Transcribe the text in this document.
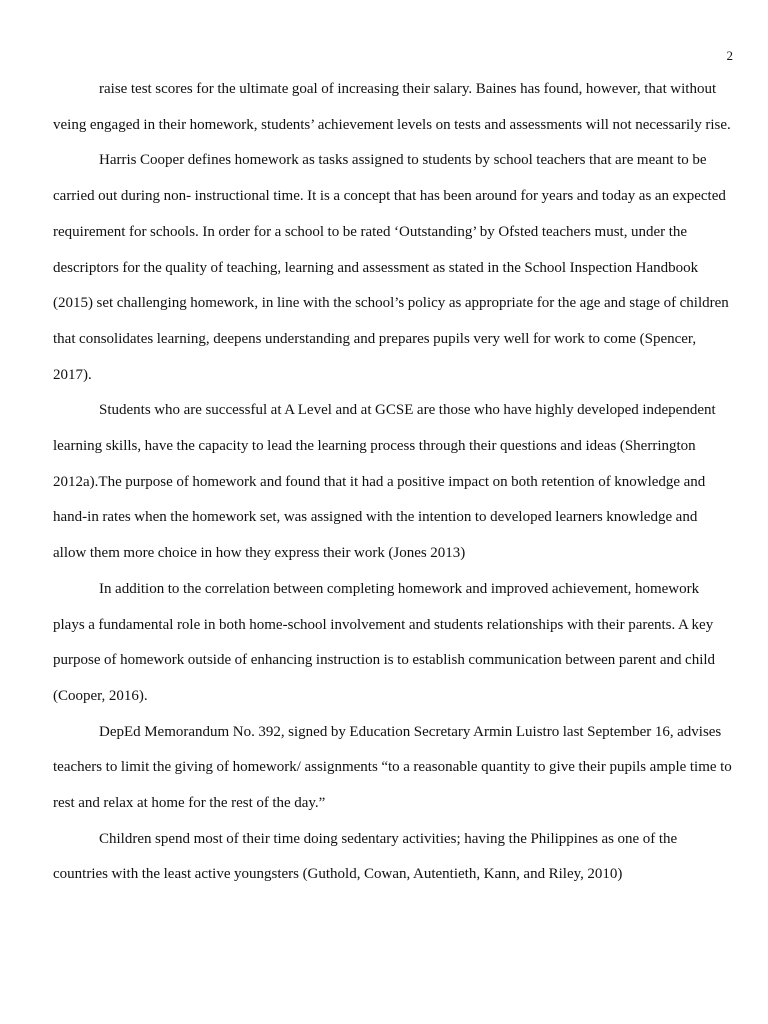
2

raise test scores for the ultimate goal of increasing their salary. Baines has found, however, that without veing engaged in their homework, students’ achievement levels on tests and assessments will not necessarily rise.

Harris Cooper defines homework as tasks assigned to students by school teachers that are meant to be carried out during non- instructional time. It is a concept that has been around for years and today as an expected requirement for schools. In order for a school to be rated ‘Outstanding’ by Ofsted teachers must, under the descriptors for the quality of teaching, learning and assessment as stated in the School Inspection Handbook (2015) set challenging homework, in line with the school’s policy as appropriate for the age and stage of children that consolidates learning, deepens understanding and prepares pupils very well for work to come (Spencer, 2017).

Students who are successful at A Level and at GCSE are those who have highly developed independent learning skills, have the capacity to lead the learning process through their questions and ideas (Sherrington 2012a).The purpose of homework and found that it had a positive impact on both retention of knowledge and hand-in rates when the homework set, was assigned with the intention to developed learners knowledge and allow them more choice in how they express their work (Jones 2013)

In addition to the correlation between completing homework and improved achievement, homework plays a fundamental role in both home-school involvement and students relationships with their parents. A key purpose of homework outside of enhancing instruction is to establish communication between parent and child (Cooper, 2016).

DepEd Memorandum No. 392, signed by Education Secretary Armin Luistro last September 16, advises teachers to limit the giving of homework/ assignments “to a reasonable quantity to give their pupils ample time to rest and relax at home for the rest of the day.”

Children spend most of their time doing sedentary activities; having the Philippines as one of the countries with the least active youngsters (Guthold, Cowan, Autentieth, Kann, and Riley, 2010)
